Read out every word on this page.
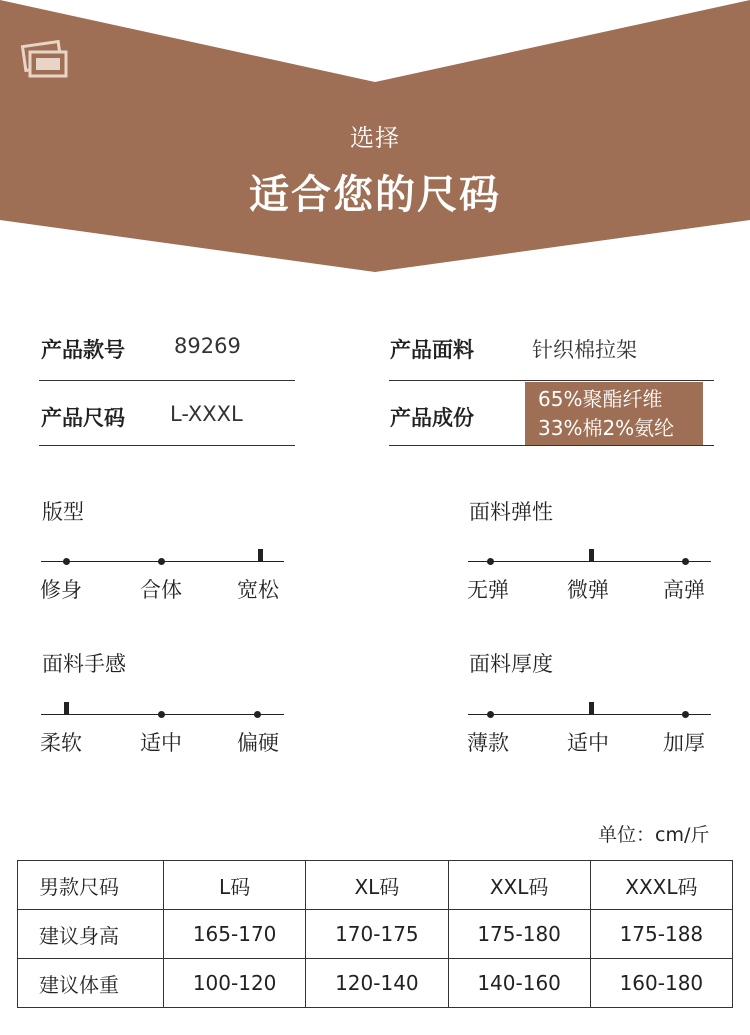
选择
适合您的尺码
产品款号 89269	产品面料	针织棉拉架
产品尺码 L-XXXL	产品成份
65%聚酯纤维
33%棉2%氨纶
版型
修身	合体	宽松
面料弹性
无弹	微弹	高弹
面料手感
柔软	适中	偏硬
面料厚度
薄款	适中	加厚
单位：cm/斤
男款尺码	L码	XL码	XXL码	XXXL码
建议身高	165-170	170-175	175-180	175-188
建议体重	100-120	120-140	140-160	160-180
